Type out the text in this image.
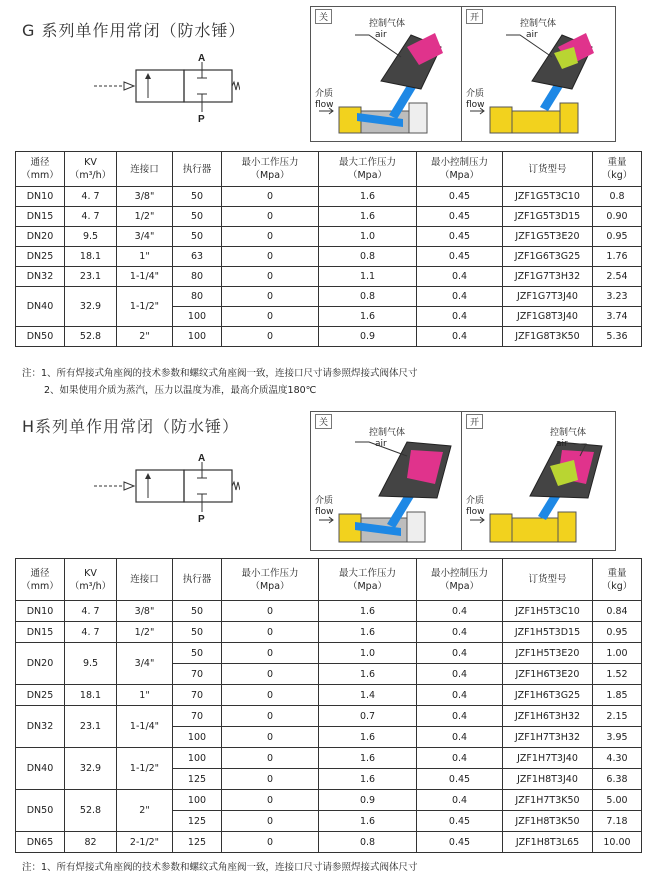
G 系列单作用常闭（防水锤）
A
P
关
控制气体
air
介质
flow
开
控制气体
air
介质
flow
通径
（mm）	KV
（m³/h）	连接口	执行器	最小工作压力
（Mpa）	最大工作压力
（Mpa）	最小控制压力
（Mpa）	订货型号	重量
（kg）
DN10	4. 7	3/8"	50	0	1.6	0.45	JZF1G5T3C10	0.8
DN15	4. 7	1/2"	50	0	1.6	0.45	JZF1G5T3D15	0.90
DN20	9.5	3/4"	50	0	1.0	0.45	JZF1G5T3E20	0.95
DN25	18.1	1"	63	0	0.8	0.45	JZF1G6T3G25	1.76
DN32	23.1	1-1/4"	80	0	1.1	0.4	JZF1G7T3H32	2.54
DN40	32.9	1-1/2"	80	0	0.8	0.4	JZF1G7T3J40	3.23
			100	0	1.6	0.4	JZF1G8T3J40	3.74
DN50	52.8	2"	100	0	0.9	0.4	JZF1G8T3K50	5.36
注：1、所有焊接式角座阀的技术参数和螺纹式角座阀一致，连接口尺寸请参照焊接式阀体尺寸
2、如果使用介质为蒸汽，压力以温度为准，最高介质温度180℃
H系列单作用常闭（防水锤）
A
P
关
控制气体
air
介质
flow
开
控制气体
air
介质
flow
通径
（mm）	KV
（m³/h）	连接口	执行器	最小工作压力
（Mpa）	最大工作压力
（Mpa）	最小控制压力
（Mpa）	订货型号	重量
（kg）
DN10	4. 7	3/8"	50	0	1.6	0.4	JZF1H5T3C10	0.84
DN15	4. 7	1/2"	50	0	1.6	0.4	JZF1H5T3D15	0.95
DN20	9.5	3/4"	50	0	1.0	0.4	JZF1H5T3E20	1.00
			70	0	1.6	0.4	JZF1H6T3E20	1.52
DN25	18.1	1"	70	0	1.4	0.4	JZF1H6T3G25	1.85
DN32	23.1	1-1/4"	70	0	0.7	0.4	JZF1H6T3H32	2.15
			100	0	1.6	0.4	JZF1H7T3H32	3.95
DN40	32.9	1-1/2"	100	0	1.6	0.4	JZF1H7T3J40	4.30
			125	0	1.6	0.45	JZF1H8T3J40	6.38
DN50	52.8	2"	100	0	0.9	0.4	JZF1H7T3K50	5.00
			125	0	1.6	0.45	JZF1H8T3K50	7.18
DN65	82	2-1/2"	125	0	0.8	0.45	JZF1H8T3L65	10.00
注：1、所有焊接式角座阀的技术参数和螺纹式角座阀一致，连接口尺寸请参照焊接式阀体尺寸
